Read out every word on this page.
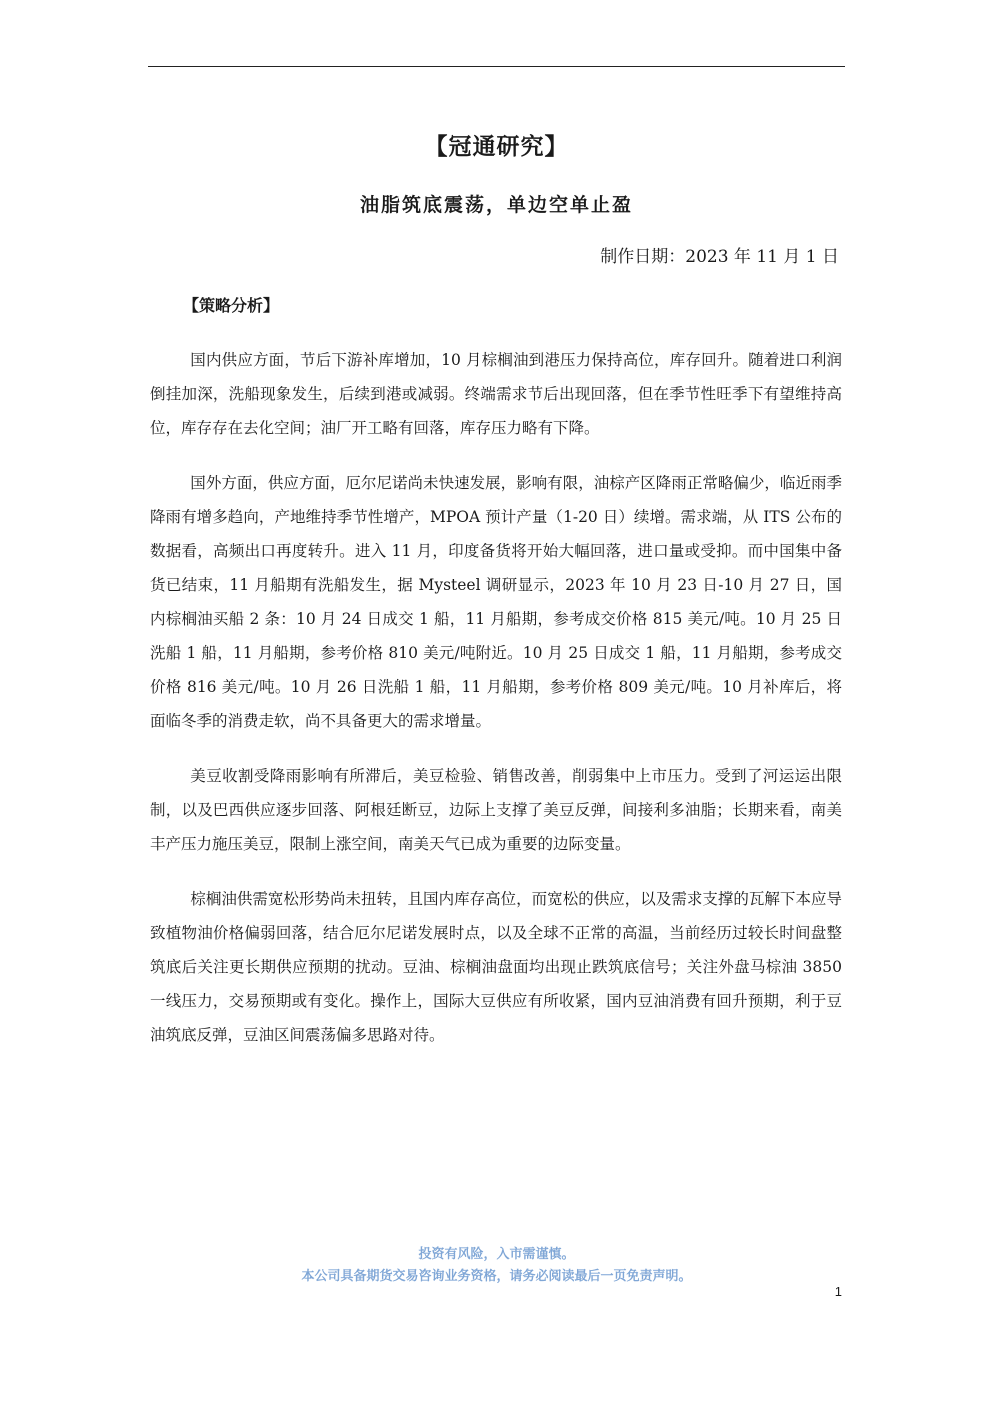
【冠通研究】
油脂筑底震荡，单边空单止盈

制作日期：2023 年 11 月 1 日

【策略分析】

国内供应方面，节后下游补库增加，10 月棕榈油到港压力保持高位，库存回升。随着进口利润倒挂加深，洗船现象发生，后续到港或减弱。终端需求节后出现回落，但在季节性旺季下有望维持高位，库存存在去化空间；油厂开工略有回落，库存压力略有下降。

国外方面，供应方面，厄尔尼诺尚未快速发展，影响有限，油棕产区降雨正常略偏少，临近雨季降雨有增多趋向，产地维持季节性增产，MPOA 预计产量（1-20 日）续增。需求端，从 ITS 公布的数据看，高频出口再度转升。进入 11 月，印度备货将开始大幅回落，进口量或受抑。而中国集中备货已结束，11 月船期有洗船发生，据 Mysteel 调研显示，2023 年 10 月 23 日-10 月 27 日，国内棕榈油买船 2 条：10 月 24 日成交 1 船，11 月船期，参考成交价格 815 美元/吨。10 月 25 日洗船 1 船，11 月船期，参考价格 810 美元/吨附近。10 月 25 日成交 1 船，11 月船期，参考成交价格 816 美元/吨。10 月 26 日洗船 1 船，11 月船期，参考价格 809 美元/吨。10 月补库后，将面临冬季的消费走软，尚不具备更大的需求增量。

美豆收割受降雨影响有所滞后，美豆检验、销售改善，削弱集中上市压力。受到了河运运出限制，以及巴西供应逐步回落、阿根廷断豆，边际上支撑了美豆反弹，间接利多油脂；长期来看，南美丰产压力施压美豆，限制上涨空间，南美天气已成为重要的边际变量。

棕榈油供需宽松形势尚未扭转，且国内库存高位，而宽松的供应，以及需求支撑的瓦解下本应导致植物油价格偏弱回落，结合厄尔尼诺发展时点，以及全球不正常的高温，当前经历过较长时间盘整筑底后关注更长期供应预期的扰动。豆油、棕榈油盘面均出现止跌筑底信号；关注外盘马棕油 3850 一线压力，交易预期或有变化。操作上，国际大豆供应有所收紧，国内豆油消费有回升预期，利于豆油筑底反弹，豆油区间震荡偏多思路对待。

投资有风险，入市需谨慎。

本公司具备期货交易咨询业务资格，请务必阅读最后一页免责声明。

1
